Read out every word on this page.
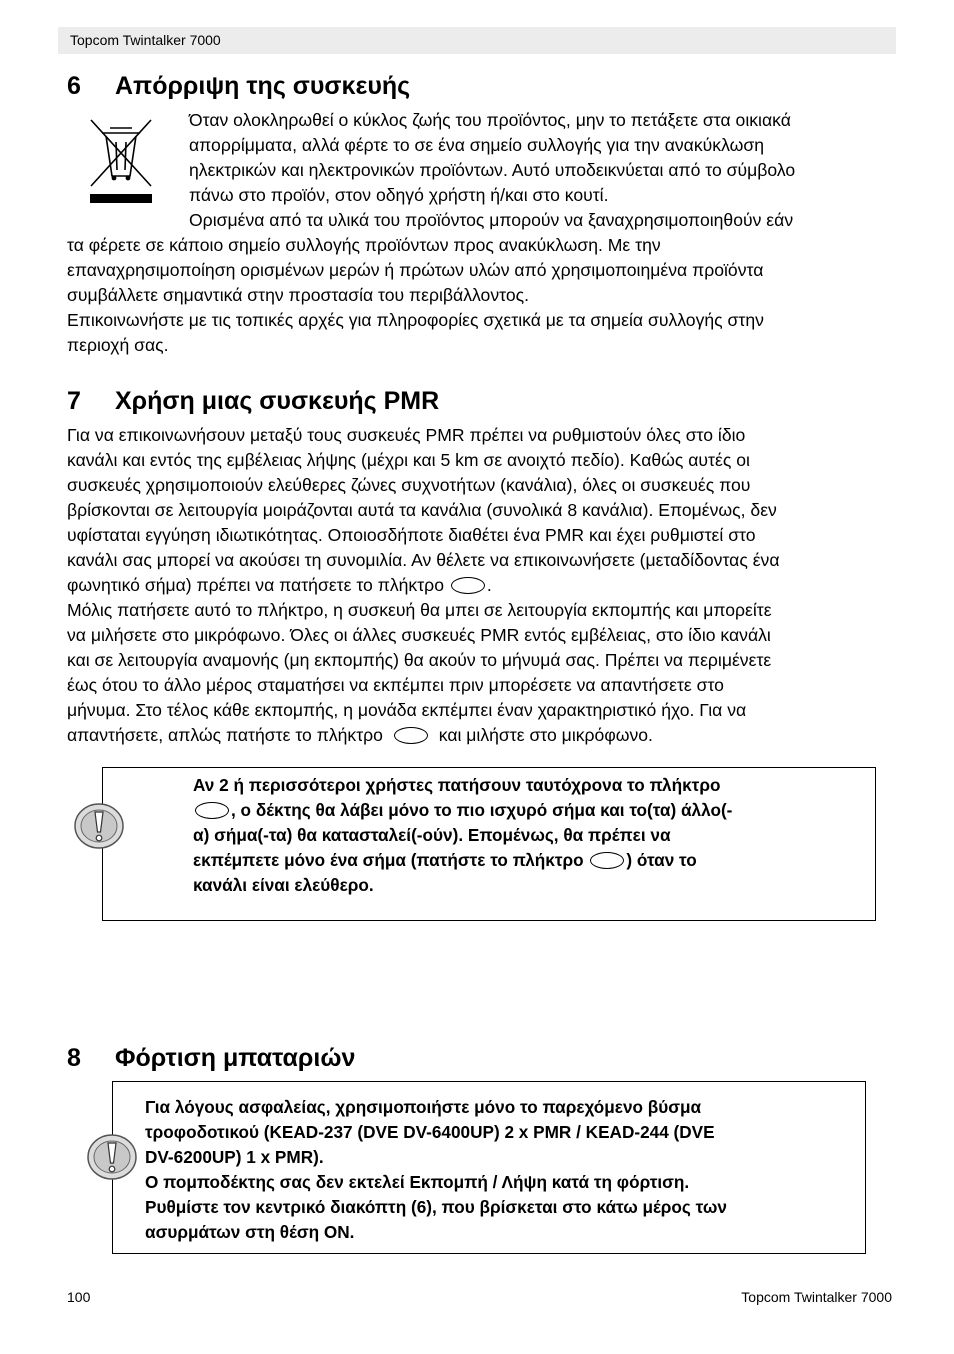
Topcom Twintalker 7000
6 Απόρριψη της συσκευής
Όταν ολοκληρωθεί ο κύκλος ζωής του προϊόντος, μην το πετάξετε στα οικιακά
απορρίμματα, αλλά φέρτε το σε ένα σημείο συλλογής για την ανακύκλωση
ηλεκτρικών και ηλεκτρονικών προϊόντων. Αυτό υποδεικνύεται από το σύμβολο
πάνω στο προϊόν, στον οδηγό χρήστη ή/και στο κουτί.
Ορισμένα από τα υλικά του προϊόντος μπορούν να ξαναχρησιμοποιηθούν εάν
τα φέρετε σε κάποιο σημείο συλλογής προϊόντων προς ανακύκλωση. Με την
επαναχρησιμοποίηση ορισμένων μερών ή πρώτων υλών από χρησιμοποιημένα προϊόντα
συμβάλλετε σημαντικά στην προστασία του περιβάλλοντος.
Επικοινωνήστε με τις τοπικές αρχές για πληροφορίες σχετικά με τα σημεία συλλογής στην
περιοχή σας.
7 Χρήση μιας συσκευής PMR
Για να επικοινωνήσουν μεταξύ τους συσκευές PMR πρέπει να ρυθμιστούν όλες στο ίδιο
κανάλι και εντός της εμβέλειας λήψης (μέχρι και 5 km σε ανοιχτό πεδίο). Καθώς αυτές οι
συσκευές χρησιμοποιούν ελεύθερες ζώνες συχνοτήτων (κανάλια), όλες οι συσκευές που
βρίσκονται σε λειτουργία μοιράζονται αυτά τα κανάλια (συνολικά 8 κανάλια). Επομένως, δεν
υφίσταται εγγύηση ιδιωτικότητας. Οποιοσδήποτε διαθέτει ένα PMR και έχει ρυθμιστεί στο
κανάλι σας μπορεί να ακούσει τη συνομιλία. Αν θέλετε να επικοινωνήσετε (μεταδίδοντας ένα
φωνητικό σήμα) πρέπει να πατήσετε το πλήκτρο .
Μόλις πατήσετε αυτό το πλήκτρο, η συσκευή θα μπει σε λειτουργία εκπομπής και μπορείτε
να μιλήσετε στο μικρόφωνο. Όλες οι άλλες συσκευές PMR εντός εμβέλειας, στο ίδιο κανάλι
και σε λειτουργία αναμονής (μη εκπομπής) θα ακούν το μήνυμά σας. Πρέπει να περιμένετε
έως ότου το άλλο μέρος σταματήσει να εκπέμπει πριν μπορέσετε να απαντήσετε στο
μήνυμα. Στο τέλος κάθε εκπομπής, η μονάδα εκπέμπει έναν χαρακτηριστικό ήχο. Για να
απαντήσετε, απλώς πατήστε το πλήκτρο	και μιλήστε στο μικρόφωνο.
Αν 2 ή περισσότεροι χρήστες πατήσουν ταυτόχρονα το πλήκτρο
, ο δέκτης θα λάβει μόνο το πιο ισχυρό σήμα και το(τα) άλλο(-
α) σήμα(-τα) θα κατασταλεί(-ούν). Επομένως, θα πρέπει να
εκπέμπετε μόνο ένα σήμα (πατήστε το πλήκτρο ) όταν το
κανάλι είναι ελεύθερο.
8 Φόρτιση μπαταριών
Για λόγους ασφαλείας, χρησιμοποιήστε μόνο το παρεχόμενο βύσμα
τροφοδοτικού (KEAD-237 (DVE DV-6400UP) 2 x PMR / KEAD-244 (DVE
DV-6200UP) 1 x PMR).
Ο πομποδέκτης σας δεν εκτελεί Εκπομπή / Λήψη κατά τη φόρτιση.
Ρυθμίστε τον κεντρικό διακόπτη (6), που βρίσκεται στο κάτω μέρος των
ασυρμάτων στη θέση ON.
100	Topcom Twintalker 7000
